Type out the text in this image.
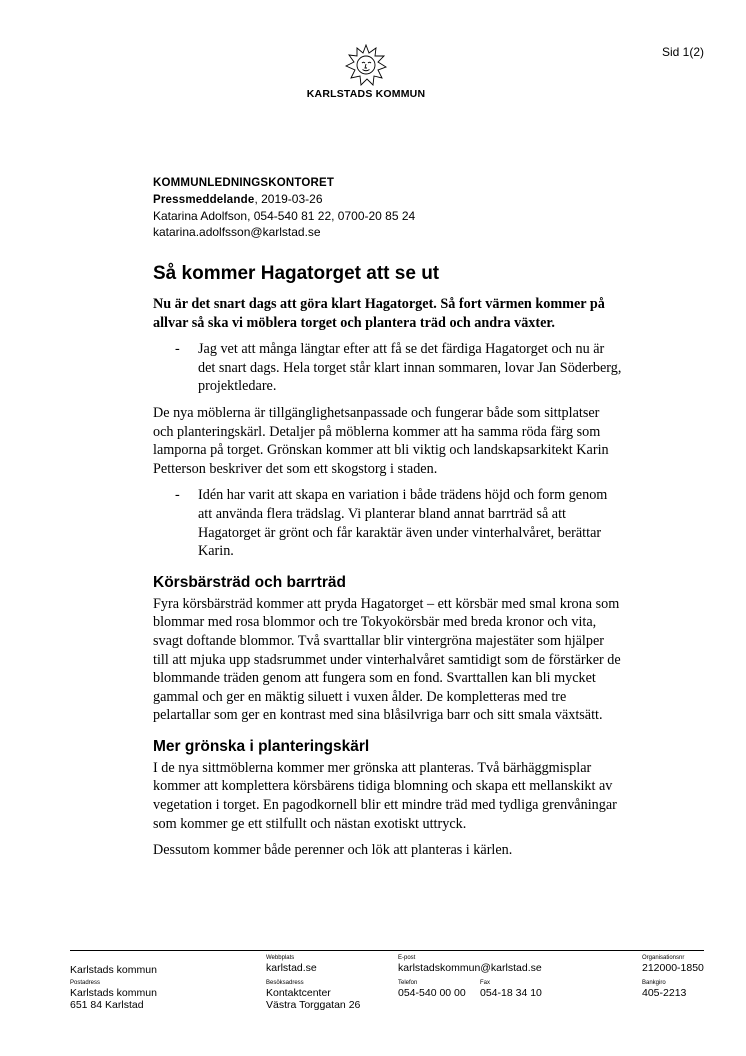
Sid 1(2)
KARLSTADS KOMMUN
KOMMUNLEDNINGSKONTORET
Pressmeddelande, 2019-03-26
Katarina Adolfson, 054-540 81 22, 0700-20 85 24
katarina.adolfsson@karlstad.se
Så kommer Hagatorget att se ut

Nu är det snart dags att göra klart Hagatorget. Så fort värmen kommer på allvar så ska vi möblera torget och plantera träd och andra växter.

- Jag vet att många längtar efter att få se det färdiga Hagatorget och nu är det snart dags. Hela torget står klart innan sommaren, lovar Jan Söderberg, projektledare.

De nya möblerna är tillgänglighetsanpassade och fungerar både som sittplatser och planteringskärl. Detaljer på möblerna kommer att ha samma röda färg som lamporna på torget. Grönskan kommer att bli viktig och landskapsarkitekt Karin Petterson beskriver det som ett skogstorg i staden.

- Idén har varit att skapa en variation i både trädens höjd och form genom att använda flera trädslag. Vi planterar bland annat barrträd så att Hagatorget är grönt och får karaktär även under vinterhalvåret, berättar Karin.
Körsbärsträd och barrträd

Fyra körsbärsträd kommer att pryda Hagatorget – ett körsbär med smal krona som blommar med rosa blommor och tre Tokyokörsbär med breda kronor och vita, svagt doftande blommor. Två svarttallar blir vintergröna majestäter som hjälper till att mjuka upp stadsrummet under vinterhalvåret samtidigt som de förstärker de blommande träden genom att fungera som en fond. Svarttallen kan bli mycket gammal och ger en mäktig siluett i vuxen ålder. De kompletteras med tre pelartallar som ger en kontrast med sina blåsilvriga barr och sitt smala växtsätt.

Mer grönska i planteringskärl

I de nya sittmöblerna kommer mer grönska att planteras. Två bärhäggmisplar kommer att komplettera körsbärens tidiga blomning och skapa ett mellanskikt av vegetation i torget. En pagodkornell blir ett mindre träd med tydliga grenvåningar som kommer ge ett stilfullt och nästan exotiskt uttryck.

Dessutom kommer både perenner och lök att planteras i kärlen.

Karlstads kommun
Webbplats
karlstad.se
E-post
karlstadskommun@karlstad.se
Organisationsnr
212000-1850
Postadress
Karlstads kommun
651 84 Karlstad
Besöksadress
Kontaktcenter
Västra Torggatan 26
Telefon
054-540 00 00
Fax
054-18 34 10
Bankgiro
405-2213
